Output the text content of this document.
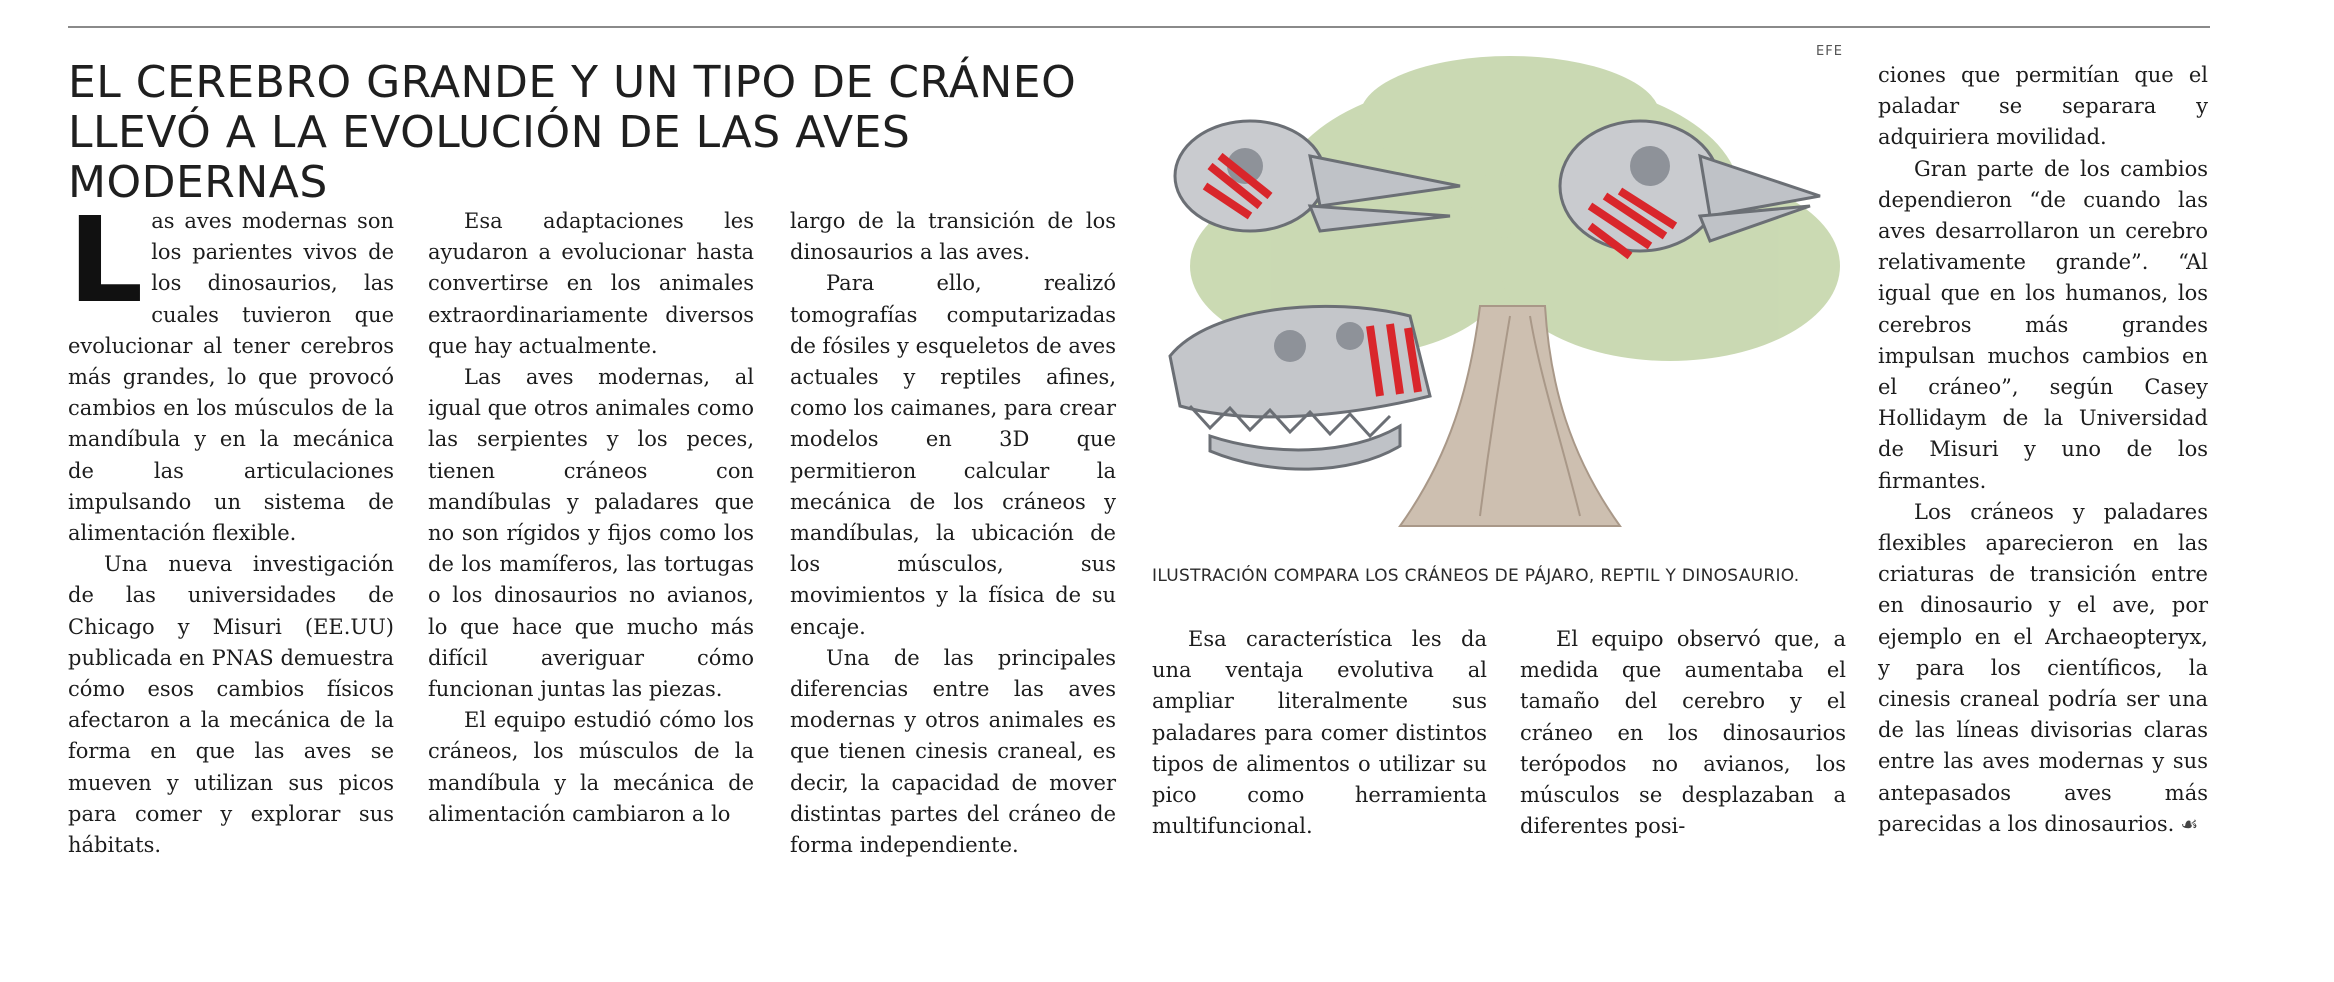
EL CEREBRO GRANDE Y UN TIPO DE CRÁNEO LLEVÓ A LA EVOLUCIÓN DE LAS AVES MODERNAS

Las aves modernas son los parientes vivos de los dinosaurios, las cuales tuvieron que evolucionar al tener cerebros más grandes, lo que provocó cambios en los músculos de la mandíbula y en la mecánica de las articulaciones impulsando un sistema de alimentación flexible.

Una nueva investigación de las universidades de Chicago y Misuri (EE.UU) publicada en PNAS demuestra cómo esos cambios físicos afectaron a la mecánica de la forma en que las aves se mueven y utilizan sus picos para comer y explorar sus hábitats.

Esa adaptaciones les ayudaron a evolucionar hasta convertirse en los animales extraordinariamente diversos que hay actualmente.

Las aves modernas, al igual que otros animales como las serpientes y los peces, tienen cráneos con mandíbulas y paladares que no son rígidos y fijos como los de los mamíferos, las tortugas o los dinosaurios no avianos, lo que hace que mucho más difícil averiguar cómo funcionan juntas las piezas.

El equipo estudió cómo los cráneos, los músculos de la mandíbula y la mecánica de alimentación cambiaron a lo

largo de la transición de los dinosaurios a las aves.

Para ello, realizó tomografías computarizadas de fósiles y esqueletos de aves actuales y reptiles afines, como los caimanes, para crear modelos en 3D que permitieron calcular la mecánica de los cráneos y mandíbulas, la ubicación de los músculos, sus movimientos y la física de su encaje.

Una de las principales diferencias entre las aves modernas y otros animales es que tienen cinesis craneal, es decir, la capacidad de mover distintas partes del cráneo de forma independiente.

EFE
ILUSTRACIÓN COMPARA LOS CRÁNEOS DE PÁJARO, REPTIL Y DINOSAURIO.

Esa característica les da una ventaja evolutiva al ampliar literalmente sus paladares para comer distintos tipos de alimentos o utilizar su pico como herramienta multifuncional.

El equipo observó que, a medida que aumentaba el tamaño del cerebro y el cráneo en los dinosaurios terópodos no avianos, los músculos se desplazaban a diferentes posi-

ciones que permitían que el paladar se separara y adquiriera movilidad.

Gran parte de los cambios dependieron “de cuando las aves desarrollaron un cerebro relativamente grande”. “Al igual que en los humanos, los cerebros más grandes impulsan muchos cambios en el cráneo”, según Casey Hollidaym de la Universidad de Misuri y uno de los firmantes.

Los cráneos y paladares flexibles aparecieron en las criaturas de transición entre en dinosaurio y el ave, por ejemplo en el Archaeopteryx, y para los científicos, la cinesis craneal podría ser una de las líneas divisorias claras entre las aves modernas y sus antepasados aves más parecidas a los dinosaurios. ☙
